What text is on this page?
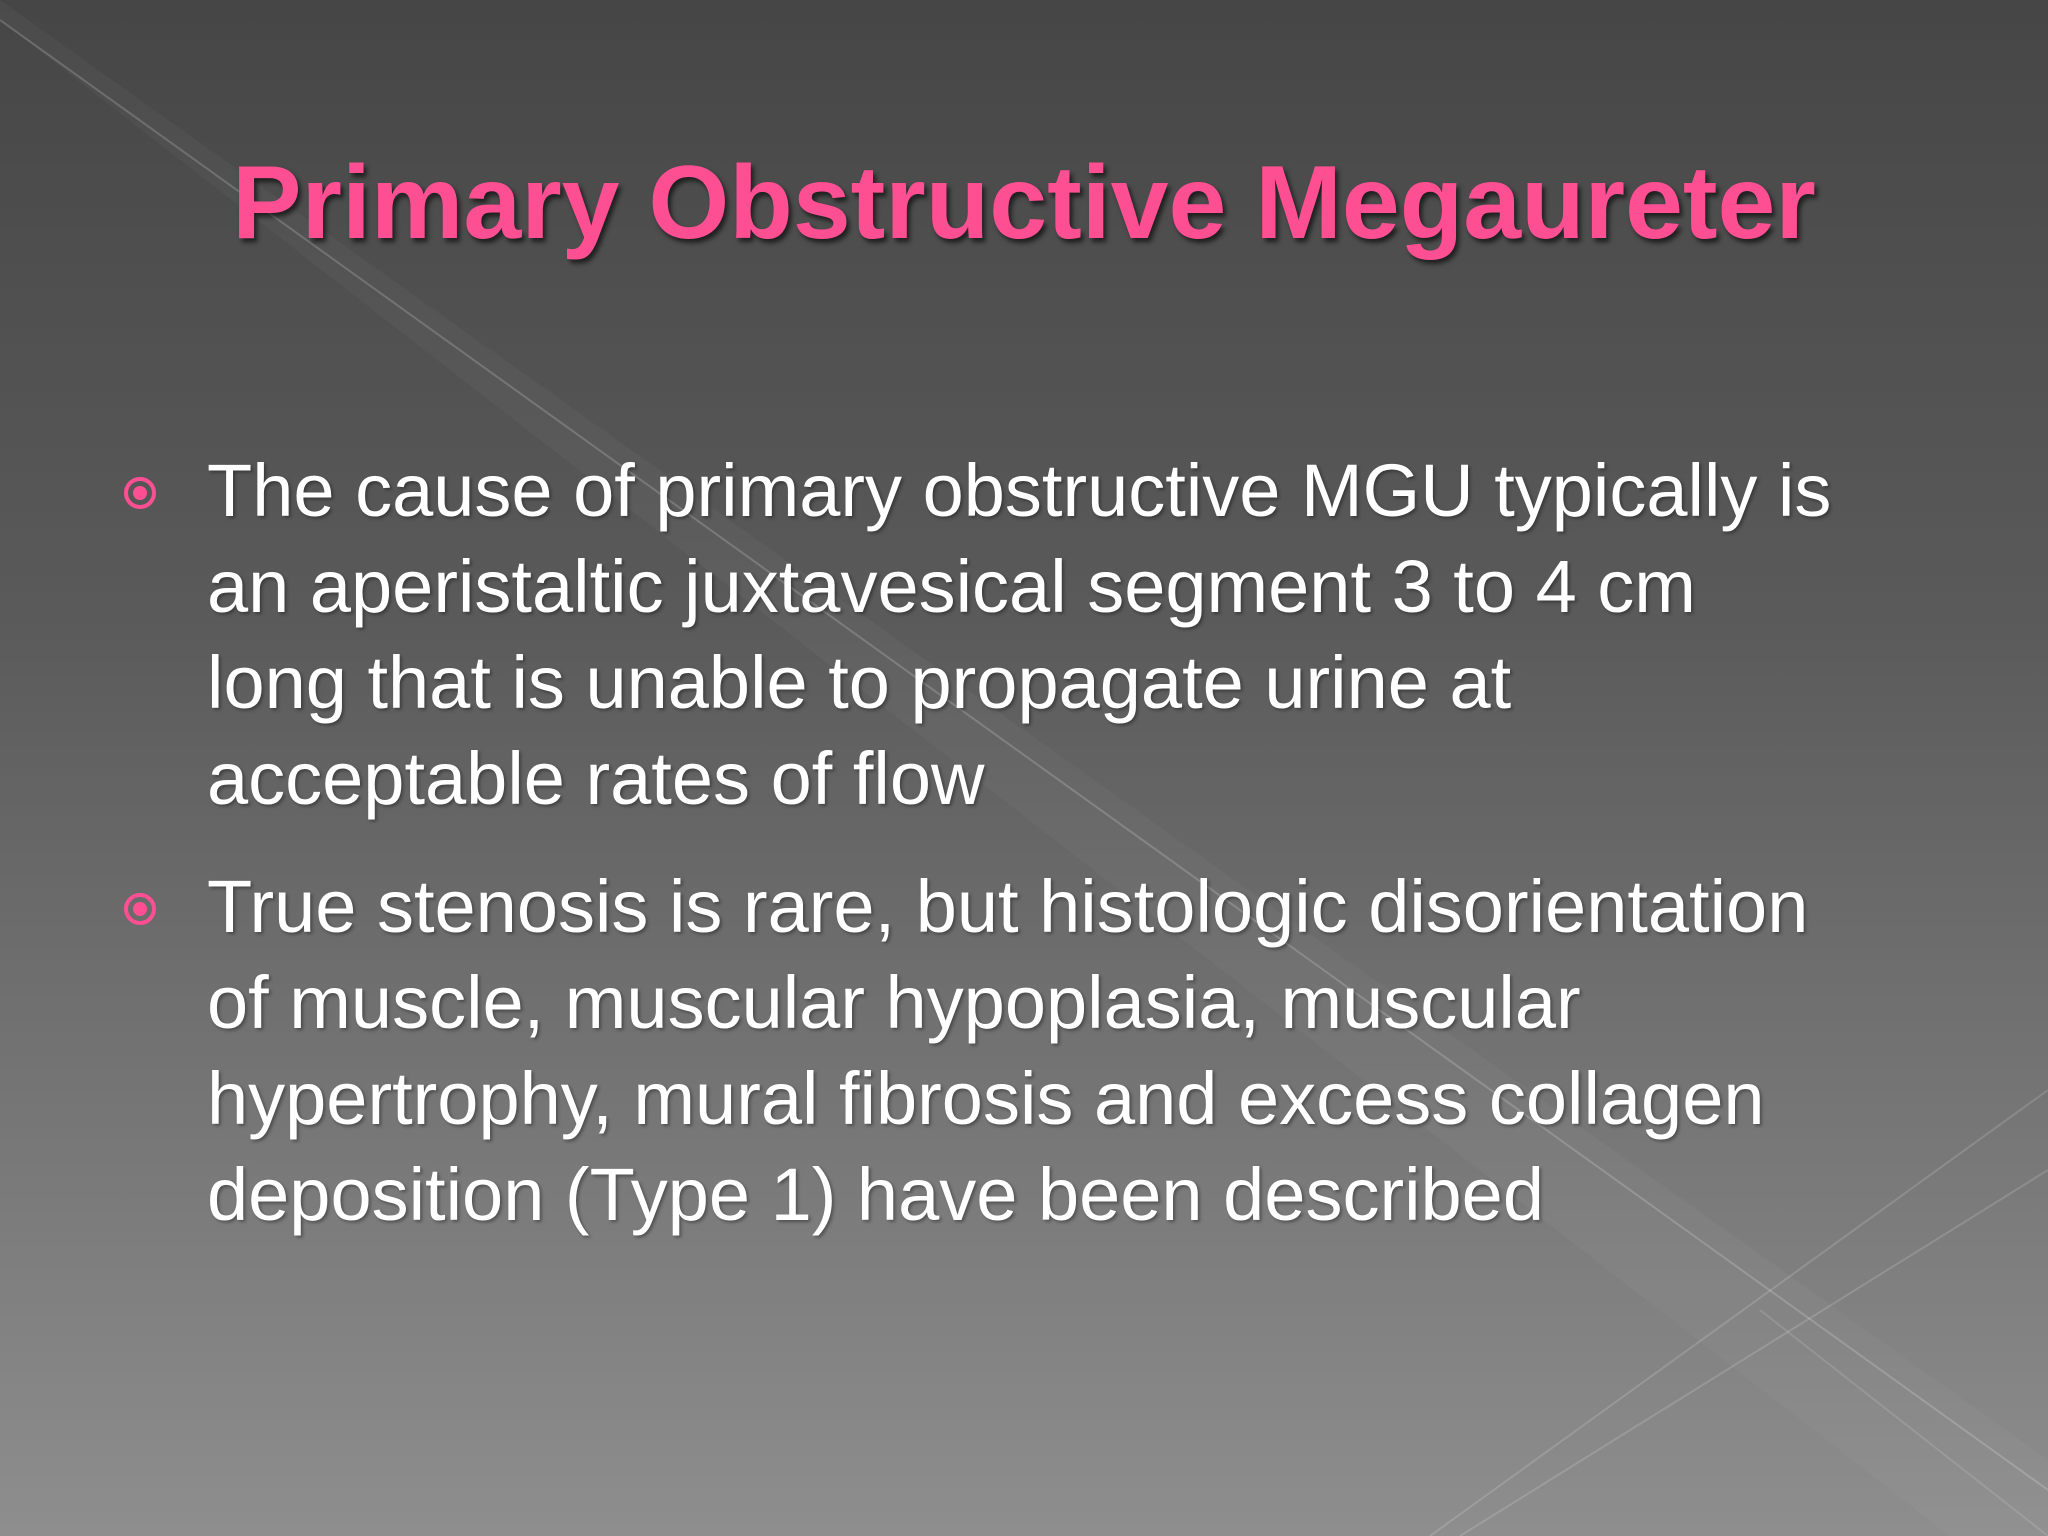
Primary Obstructive Megaureter
The cause of primary obstructive MGU typically is
an aperistaltic juxtavesical segment 3 to 4 cm
long that is unable to propagate urine at
acceptable rates of flow
True stenosis is rare, but histologic disorientation
of muscle, muscular hypoplasia, muscular
hypertrophy, mural fibrosis and excess collagen
deposition (Type 1) have been described
